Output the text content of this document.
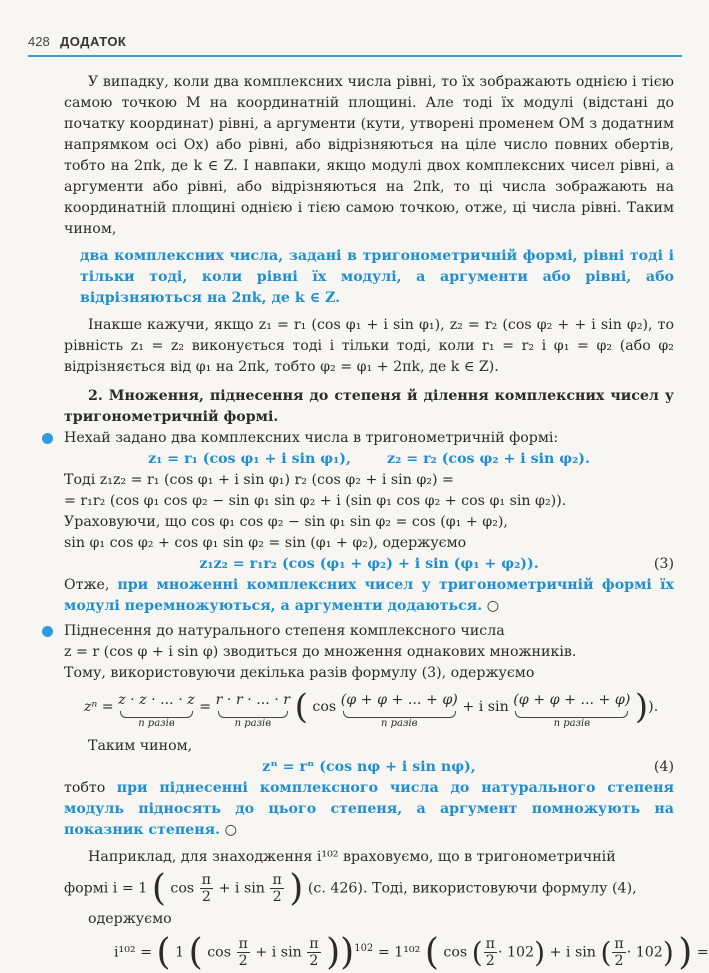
428 ДОДАТОК

У випадку, коли два комплексних числа рівні, то їх зображають однією і тією самою точкою M на координатній площині. Але тоді їх модулі (відстані до початку координат) рівні, а аргументи (кути, утворені променем OM з додатним напрямком осі Ox) або рівні, або відрізняються на ціле число повних обертів, тобто на 2πk, де k ∈ Z. І навпаки, якщо модулі двох комплексних чисел рівні, а аргументи або рівні, або відрізняються на 2πk, то ці числа зображають на координатній площині однією і тією самою точкою, отже, ці числа рівні. Таким чином,

два комплексних числа, задані в тригонометричній формі, рівні тоді і тільки тоді, коли рівні їх модулі, а аргументи або рівні, або відрізняються на 2πk, де k ∈ Z.

Інакше кажучи, якщо z₁ = r₁ (cos φ₁ + i sin φ₁), z₂ = r₂ (cos φ₂ + + i sin φ₂), то рівність z₁ = z₂ виконується тоді і тільки тоді, коли r₁ = r₂ і φ₁ = φ₂ (або φ₂ відрізняється від φ₁ на 2πk, тобто φ₂ = φ₁ + 2πk, де k ∈ Z).

2. Множення, піднесення до степеня й ділення комплексних чисел у тригонометричній формі.

Нехай задано два комплексних числа в тригонометричній формі:

z₁ = r₁ (cos φ₁ + i sin φ₁),	z₂ = r₂ (cos φ₂ + i sin φ₂).

Тоді z₁z₂ = r₁ (cos φ₁ + i sin φ₁) r₂ (cos φ₂ + i sin φ₂) =

= r₁r₂ (cos φ₁ cos φ₂ − sin φ₁ sin φ₂ + i (sin φ₁ cos φ₂ + cos φ₁ sin φ₂)).

Ураховуючи, що cos φ₁ cos φ₂ − sin φ₁ sin φ₂ = cos (φ₁ + φ₂),

sin φ₁ cos φ₂ + cos φ₁ sin φ₂ = sin (φ₁ + φ₂), одержуємо

z₁z₂ = r₁r₂ (cos (φ₁ + φ₂) + i sin (φ₁ + φ₂)).	(3)

Отже, при множенні комплексних чисел у тригонометричній формі їх модулі перемножуються, а аргументи додаються. ○

Піднесення до натурального степеня комплексного числа

z = r (cos φ + i sin φ) зводиться до множення однакових множників.

Тому, використовуючи декілька разів формулу (3), одержуємо

zⁿ = z · z · ... · z
n разів
= r · r · ... · r
n разів ( cos (φ + φ + ... + φ)
n разів
+ i sin (φ + φ + ... + φ)
n разів	)).

Таким чином,

zⁿ = rⁿ (cos nφ + i sin nφ),	(4)

тобто при піднесенні комплексного числа до натурального степеня модуль підносять до цього степеня, а аргумент помножують на показник степеня. ○

Наприклад, для знаходження i¹⁰² враховуємо, що в тригонометричній

формі i = 1 ( $\cos \frac{\pi}{2} + i$ $\sin \frac{\pi}{2}$ ) (с. 426). Тоді, використовуючи формулу (4),

одержуємо

i¹⁰² = ( 1 ( $\cos \frac{\pi}{2} + i$ $\sin \frac{\pi}{2} ))^{102} = 1^{102}$ ( cos ( $\frac{\pi}{2} \cdot 102) + i$ sin ( $\frac{\pi}{2} \cdot 102$) ) =
